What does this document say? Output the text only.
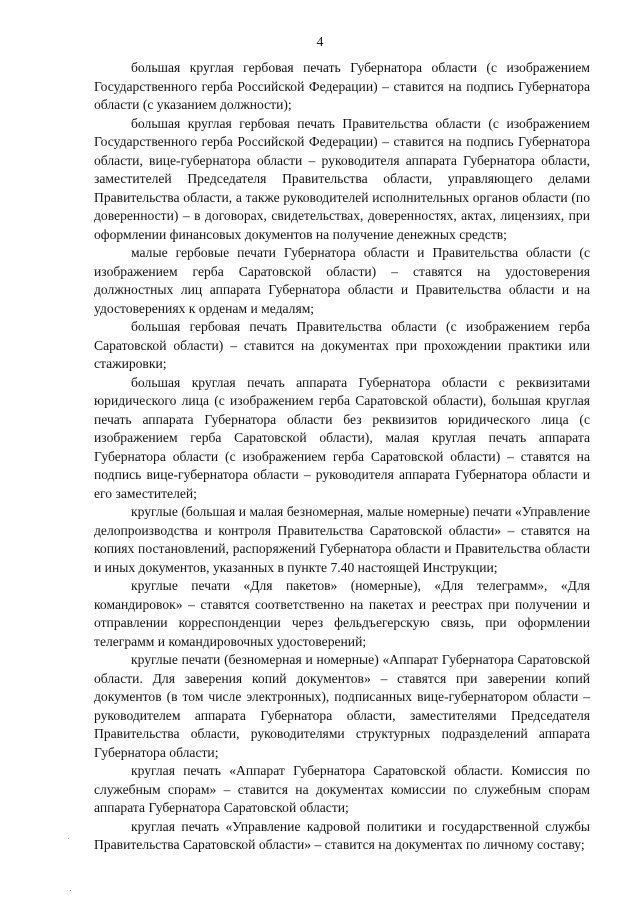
4

большая круглая гербовая печать Губернатора области (с изображением Государственного герба Российской Федерации) – ставится на подпись Губернатора области (с указанием должности);

большая круглая гербовая печать Правительства области (с изображением Государственного герба Российской Федерации) – ставится на подпись Губернатора области, вице-губернатора области – руководителя аппарата Губернатора области, заместителей Председателя Правительства области, управляющего делами Правительства области, а также руководителей исполнительных органов области (по доверенности) – в договорах, свидетельствах, доверенностях, актах, лицензиях, при оформлении финансовых документов на получение денежных средств;

малые гербовые печати Губернатора области и Правительства области (с изображением герба Саратовской области) – ставятся на удостоверения должностных лиц аппарата Губернатора области и Правительства области и на удостоверениях к орденам и медалям;

большая гербовая печать Правительства области (с изображением герба Саратовской области) – ставится на документах при прохождении практики или стажировки;

большая круглая печать аппарата Губернатора области с реквизитами юридического лица (с изображением герба Саратовской области), большая круглая печать аппарата Губернатора области без реквизитов юридического лица (с изображением герба Саратовской области), малая круглая печать аппарата Губернатора области (с изображением герба Саратовской области) – ставятся на подпись вице-губернатора области – руководителя аппарата Губернатора области и его заместителей;

круглые (большая и малая безномерная, малые номерные) печати «Управление делопроизводства и контроля Правительства Саратовской области» – ставятся на копиях постановлений, распоряжений Губернатора области и Правительства области и иных документов, указанных в пункте 7.40 настоящей Инструкции;

круглые печати «Для пакетов» (номерные), «Для телеграмм», «Для командировок» – ставятся соответственно на пакетах и реестрах при получении и отправлении корреспонденции через фельдъегерскую связь, при оформлении телеграмм и командировочных удостоверений;

круглые печати (безномерная и номерные) «Аппарат Губернатора Саратовской области. Для заверения копий документов» – ставятся при заверении копий документов (в том числе электронных), подписанных вице-губернатором области – руководителем аппарата Губернатора области, заместителями Председателя Правительства области, руководителями структурных подразделений аппарата Губернатора области;

круглая печать «Аппарат Губернатора Саратовской области. Комиссия по служебным спорам» – ставится на документах комиссии по служебным спорам аппарата Губернатора Саратовской области;

круглая печать «Управление кадровой политики и государственной службы Правительства Саратовской области» – ставится на документах по личному составу;
